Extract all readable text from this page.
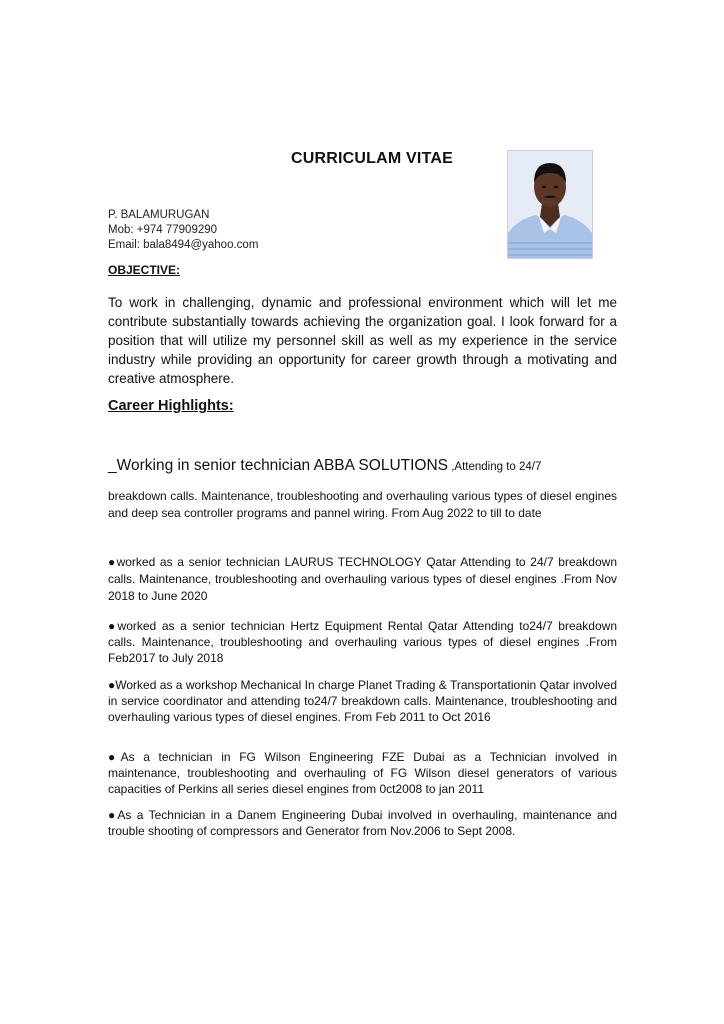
CURRICULAM VITAE
P. BALAMURUGAN
Mob: +974 77909290
Email: bala8494@yahoo.com
OBJECTIVE:
To work in challenging, dynamic and professional environment which will let me contribute substantially towards achieving the organization goal. I look forward for a position that will utilize my personnel skill as well as my experience in the service industry while providing an opportunity for career growth through a motivating and creative atmosphere.
Career Highlights:
_Working in senior technician ABBA SOLUTIONS ,Attending to 24/7
breakdown calls. Maintenance, troubleshooting and overhauling various types of diesel engines and deep sea controller programs and pannel wiring. From Aug 2022 to till to date
●worked as a senior technician LAURUS TECHNOLOGY Qatar Attending to 24/7 breakdown calls. Maintenance, troubleshooting and overhauling various types of diesel engines .From Nov 2018 to June 2020
●worked as a senior technician Hertz Equipment Rental Qatar Attending to24/7 breakdown calls. Maintenance, troubleshooting and overhauling various types of diesel engines .From Feb2017 to July 2018
●Worked as a workshop Mechanical In charge Planet Trading & Transportationin Qatar involved in service coordinator and attending to24/7 breakdown calls. Maintenance, troubleshooting and overhauling various types of diesel engines. From Feb 2011 to Oct 2016
●As a technician in FG Wilson Engineering FZE Dubai as a Technician involved in maintenance, troubleshooting and overhauling of FG Wilson diesel generators of various capacities of Perkins all series diesel engines from 0ct2008 to jan 2011
●As a Technician in a Danem Engineering Dubai involved in overhauling, maintenance and trouble shooting of compressors and Generator from Nov.2006 to Sept 2008.
